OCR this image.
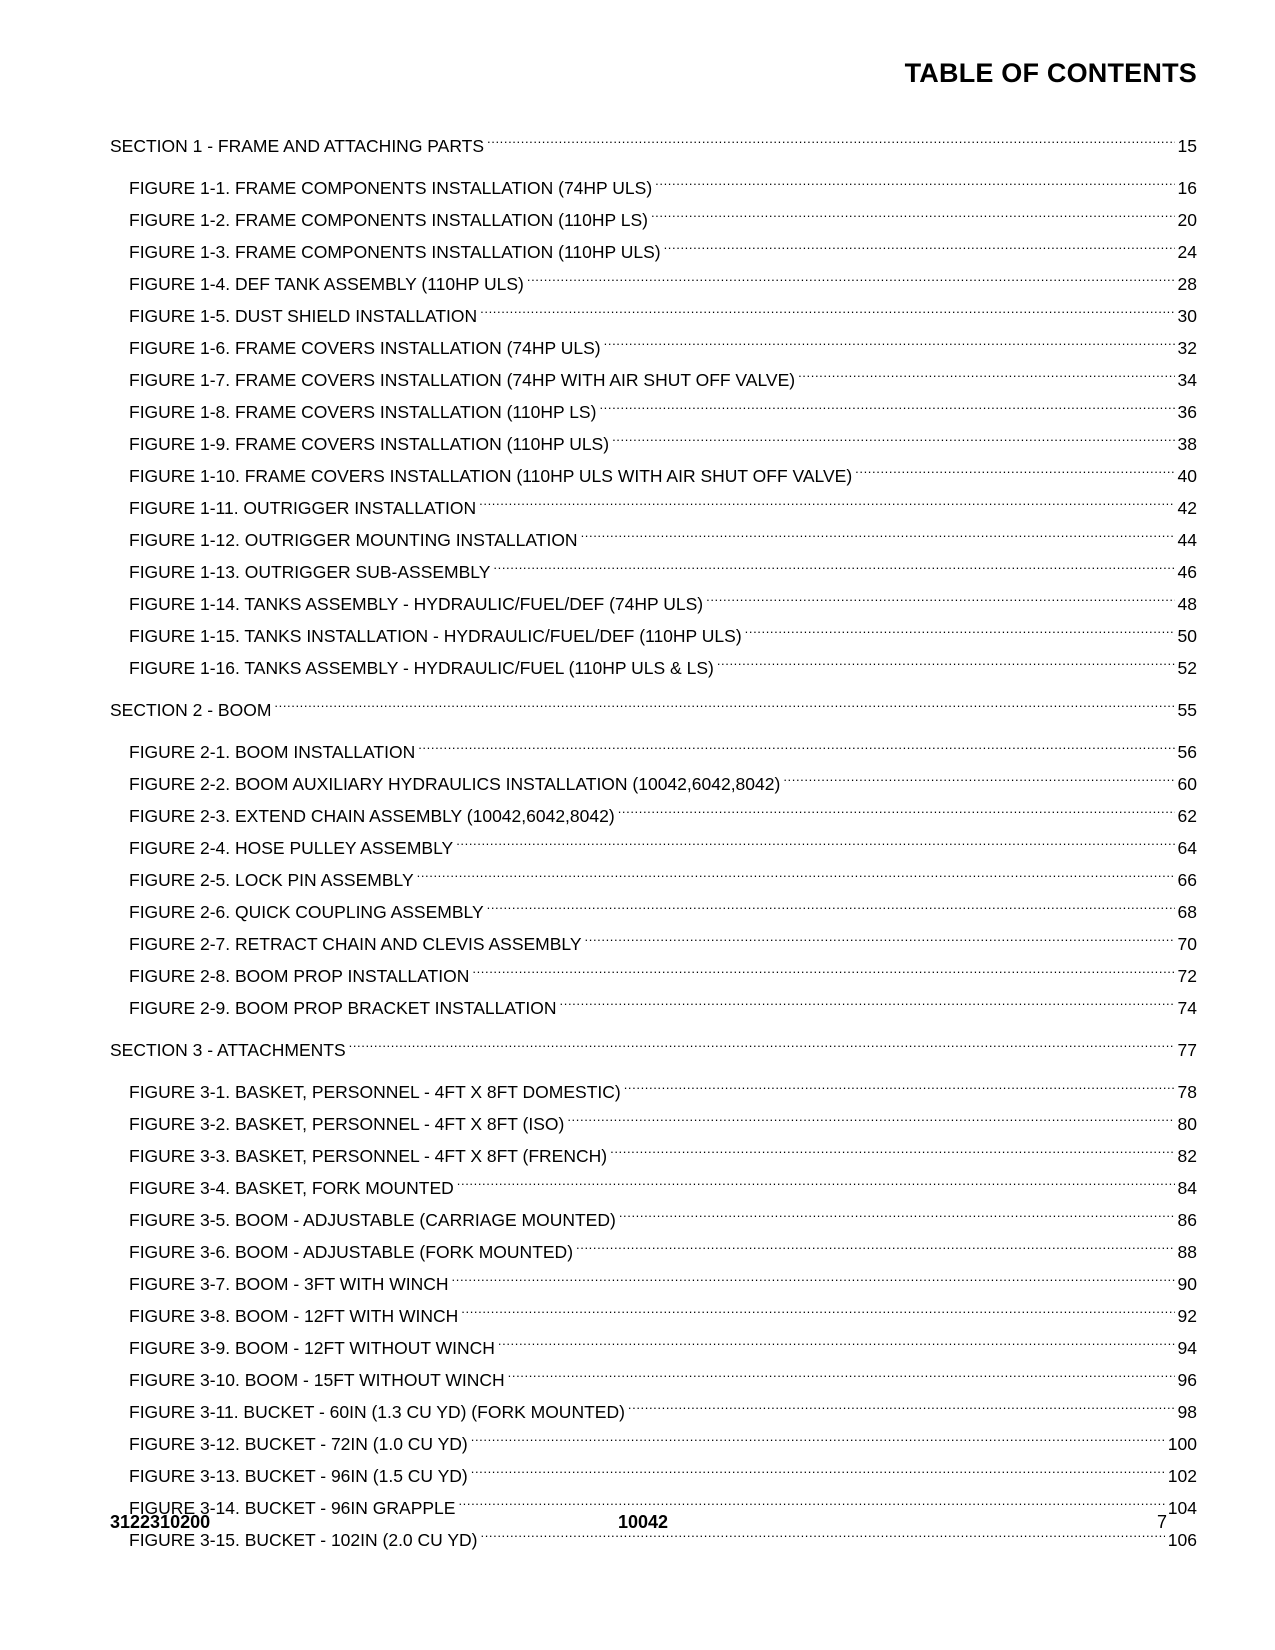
TABLE OF CONTENTS
SECTION 1 - FRAME AND ATTACHING PARTS .....	15
FIGURE 1-1. FRAME COMPONENTS INSTALLATION (74HP ULS) .....	16
FIGURE 1-2. FRAME COMPONENTS INSTALLATION (110HP LS) .....	20
FIGURE 1-3. FRAME COMPONENTS INSTALLATION (110HP ULS) .....	24
FIGURE 1-4. DEF TANK ASSEMBLY (110HP ULS) .....	28
FIGURE 1-5. DUST SHIELD INSTALLATION .....	30
FIGURE 1-6. FRAME COVERS INSTALLATION (74HP ULS) .....	32
FIGURE 1-7. FRAME COVERS INSTALLATION (74HP WITH AIR SHUT OFF VALVE) .....	34
FIGURE 1-8. FRAME COVERS INSTALLATION (110HP LS) .....	36
FIGURE 1-9. FRAME COVERS INSTALLATION (110HP ULS) .....	38
FIGURE 1-10. FRAME COVERS INSTALLATION (110HP ULS WITH AIR SHUT OFF VALVE) .....	40
FIGURE 1-11. OUTRIGGER INSTALLATION .....	42
FIGURE 1-12. OUTRIGGER MOUNTING INSTALLATION .....	44
FIGURE 1-13. OUTRIGGER SUB-ASSEMBLY .....	46
FIGURE 1-14. TANKS ASSEMBLY - HYDRAULIC/FUEL/DEF (74HP ULS) .....	48
FIGURE 1-15. TANKS INSTALLATION - HYDRAULIC/FUEL/DEF (110HP ULS) .....	50
FIGURE 1-16. TANKS ASSEMBLY - HYDRAULIC/FUEL (110HP ULS & LS) .....	52
SECTION 2 - BOOM .....	55
FIGURE 2-1. BOOM INSTALLATION .....	56
FIGURE 2-2. BOOM AUXILIARY HYDRAULICS INSTALLATION (10042,6042,8042) .....	60
FIGURE 2-3. EXTEND CHAIN ASSEMBLY (10042,6042,8042) .....	62
FIGURE 2-4. HOSE PULLEY ASSEMBLY .....	64
FIGURE 2-5. LOCK PIN ASSEMBLY .....	66
FIGURE 2-6. QUICK COUPLING ASSEMBLY .....	68
FIGURE 2-7. RETRACT CHAIN AND CLEVIS ASSEMBLY .....	70
FIGURE 2-8. BOOM PROP INSTALLATION .....	72
FIGURE 2-9. BOOM PROP BRACKET INSTALLATION .....	74
SECTION 3 - ATTACHMENTS .....	77
FIGURE 3-1. BASKET, PERSONNEL - 4FT X 8FT DOMESTIC) .....	78
FIGURE 3-2. BASKET, PERSONNEL - 4FT X 8FT (ISO) .....	80
FIGURE 3-3. BASKET, PERSONNEL - 4FT X 8FT (FRENCH) .....	82
FIGURE 3-4. BASKET, FORK MOUNTED .....	84
FIGURE 3-5. BOOM - ADJUSTABLE (CARRIAGE MOUNTED) .....	86
FIGURE 3-6. BOOM - ADJUSTABLE (FORK MOUNTED) .....	88
FIGURE 3-7. BOOM - 3FT WITH WINCH .....	90
FIGURE 3-8. BOOM - 12FT WITH WINCH .....	92
FIGURE 3-9. BOOM - 12FT WITHOUT WINCH .....	94
FIGURE 3-10. BOOM - 15FT WITHOUT WINCH .....	96
FIGURE 3-11. BUCKET - 60IN (1.3 CU YD) (FORK MOUNTED) .....	98
FIGURE 3-12. BUCKET - 72IN (1.0 CU YD) .....	100
FIGURE 3-13. BUCKET - 96IN (1.5 CU YD) .....	102
FIGURE 3-14. BUCKET - 96IN GRAPPLE .....	104
FIGURE 3-15. BUCKET - 102IN (2.0 CU YD) .....	106
3122310200	10042	7
